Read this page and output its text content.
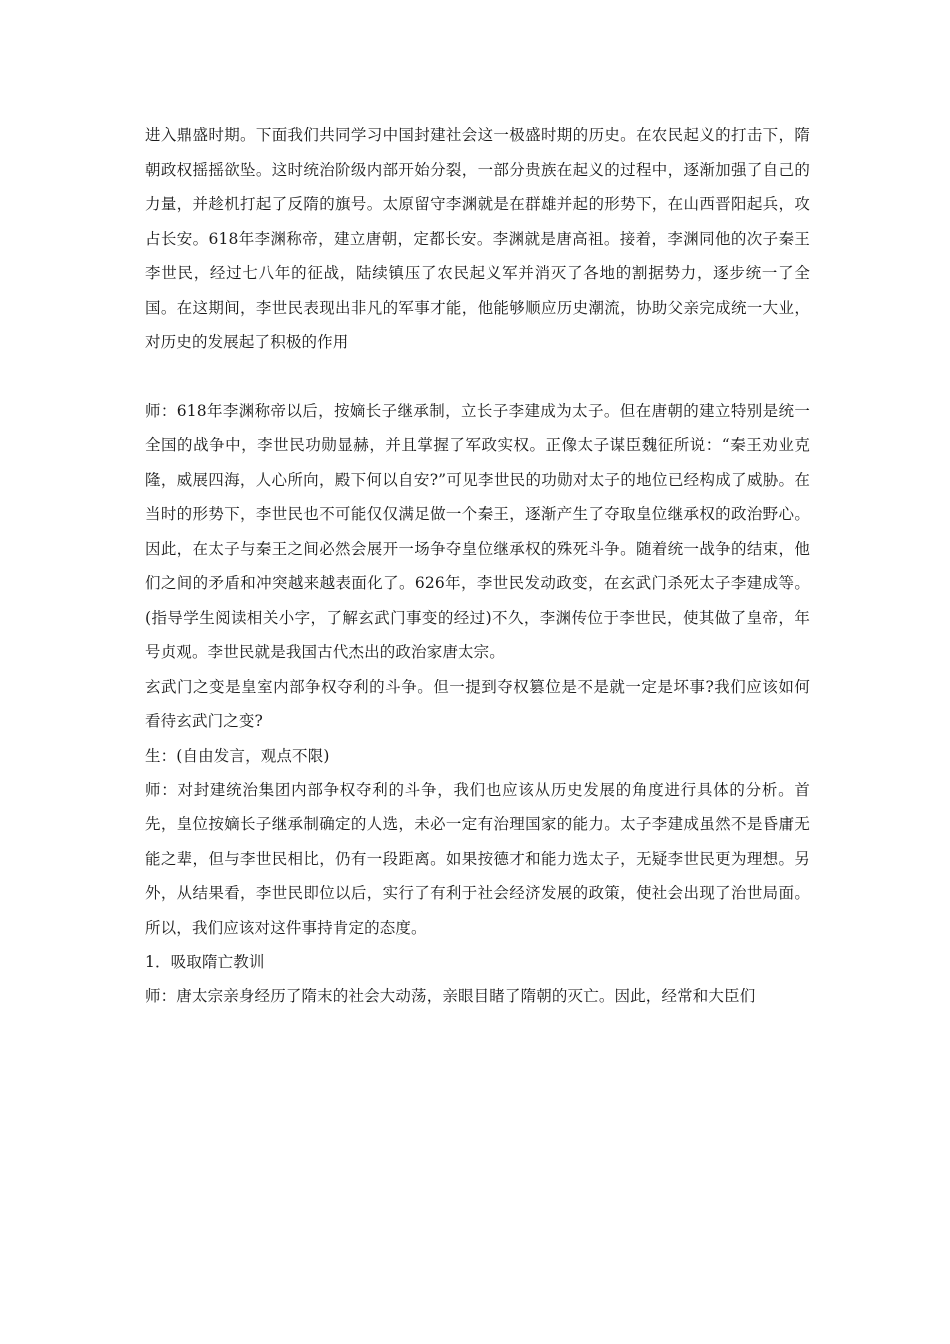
进入鼎盛时期。下面我们共同学习中国封建社会这一极盛时期的历史。在农民起义的打击下，隋朝政权摇摇欲坠。这时统治阶级内部开始分裂，一部分贵族在起义的过程中，逐渐加强了自己的力量，并趁机打起了反隋的旗号。太原留守李渊就是在群雄并起的形势下，在山西晋阳起兵，攻占长安。618年李渊称帝，建立唐朝，定都长安。李渊就是唐高祖。接着，李渊同他的次子秦王李世民，经过七八年的征战，陆续镇压了农民起义军并消灭了各地的割据势力，逐步统一了全国。在这期间，李世民表现出非凡的军事才能，他能够顺应历史潮流，协助父亲完成统一大业，对历史的发展起了积极的作用

师：618年李渊称帝以后，按嫡长子继承制，立长子李建成为太子。但在唐朝的建立特别是统一全国的战争中，李世民功勋显赫，并且掌握了军政实权。正像太子谋臣魏征所说：“秦王劝业克隆，威展四海，人心所向，殿下何以自安?”可见李世民的功勋对太子的地位已经构成了威胁。在当时的形势下，李世民也不可能仅仅满足做一个秦王，逐渐产生了夺取皇位继承权的政治野心。因此，在太子与秦王之间必然会展开一场争夺皇位继承权的殊死斗争。随着统一战争的结束，他们之间的矛盾和冲突越来越表面化了。626年，李世民发动政变，在玄武门杀死太子李建成等。(指导学生阅读相关小字，了解玄武门事变的经过)不久，李渊传位于李世民，使其做了皇帝，年号贞观。李世民就是我国古代杰出的政治家唐太宗。

玄武门之变是皇室内部争权夺利的斗争。但一提到夺权篡位是不是就一定是坏事?我们应该如何看待玄武门之变?

生：(自由发言，观点不限)

师：对封建统治集团内部争权夺利的斗争，我们也应该从历史发展的角度进行具体的分析。首先，皇位按嫡长子继承制确定的人选，未必一定有治理国家的能力。太子李建成虽然不是昏庸无能之辈，但与李世民相比，仍有一段距离。如果按德才和能力选太子，无疑李世民更为理想。另外，从结果看，李世民即位以后，实行了有利于社会经济发展的政策，使社会出现了治世局面。所以，我们应该对这件事持肯定的态度。

1．吸取隋亡教训

师：唐太宗亲身经历了隋末的社会大动荡，亲眼目睹了隋朝的灭亡。因此，经常和大臣们
